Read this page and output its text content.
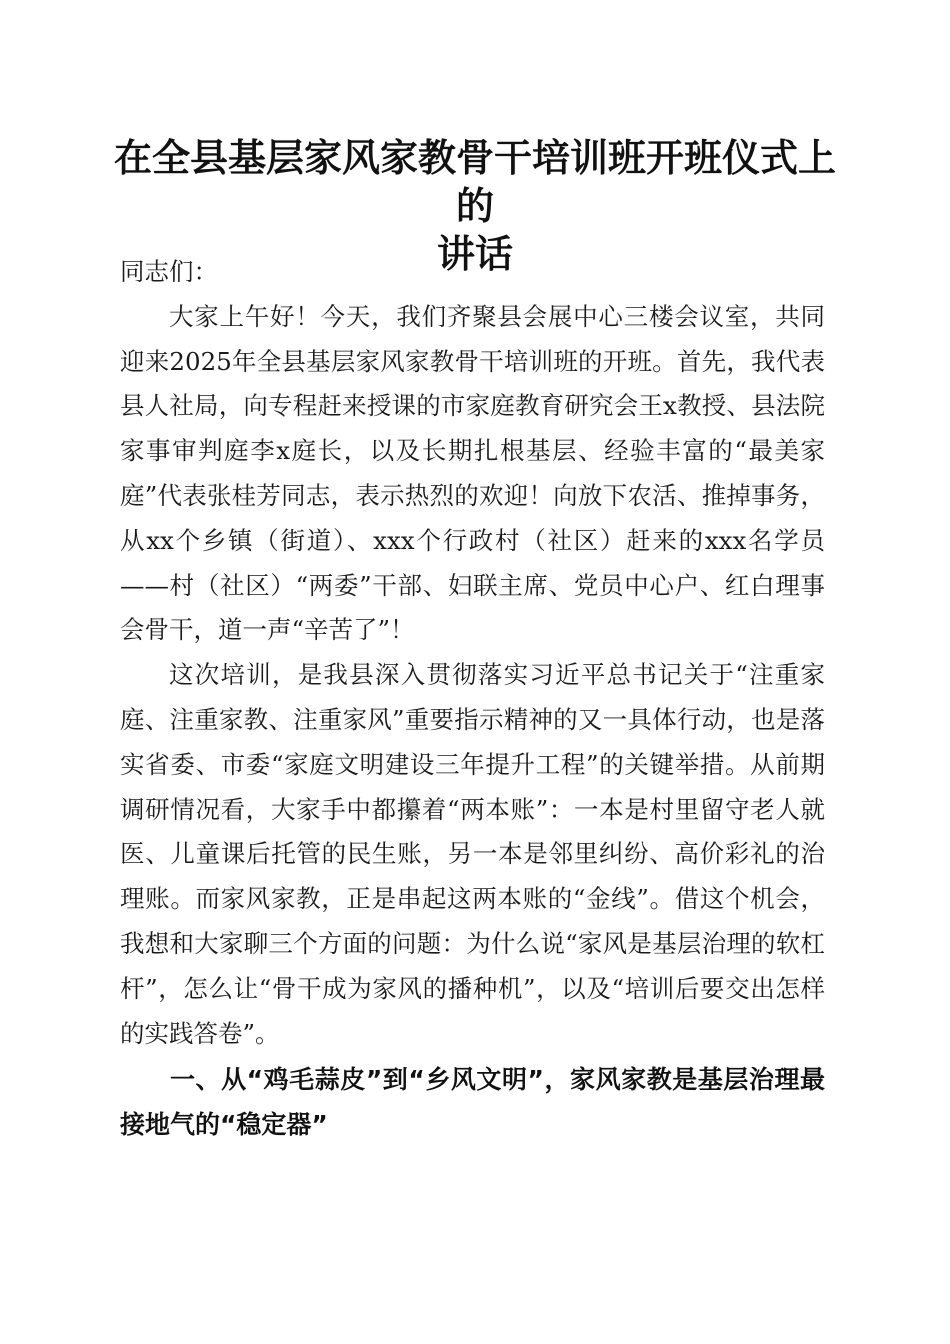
在全县基层家风家教骨干培训班开班仪式上的
讲话

同志们：

大家上午好！今天，我们齐聚县会展中心三楼会议室，共同迎来2025年全县基层家风家教骨干培训班的开班。首先，我代表县人社局，向专程赶来授课的市家庭教育研究会王x教授、县法院家事审判庭李x庭长，以及长期扎根基层、经验丰富的“最美家庭”代表张桂芳同志，表示热烈的欢迎！向放下农活、推掉事务，从xx个乡镇（街道）、xxx个行政村（社区）赶来的xxx名学员——村（社区）“两委”干部、妇联主席、党员中心户、红白理事会骨干，道一声“辛苦了”！

这次培训，是我县深入贯彻落实习近平总书记关于“注重家庭、注重家教、注重家风”重要指示精神的又一具体行动，也是落实省委、市委“家庭文明建设三年提升工程”的关键举措。从前期调研情况看，大家手中都攥着“两本账”：一本是村里留守老人就医、儿童课后托管的民生账，另一本是邻里纠纷、高价彩礼的治理账。而家风家教，正是串起这两本账的“金线”。借这个机会，我想和大家聊三个方面的问题：为什么说“家风是基层治理的软杠杆”，怎么让“骨干成为家风的播种机”，以及“培训后要交出怎样的实践答卷”。

一、从“鸡毛蒜皮”到“乡风文明”，家风家教是基层治理最接地气的“稳定器”
